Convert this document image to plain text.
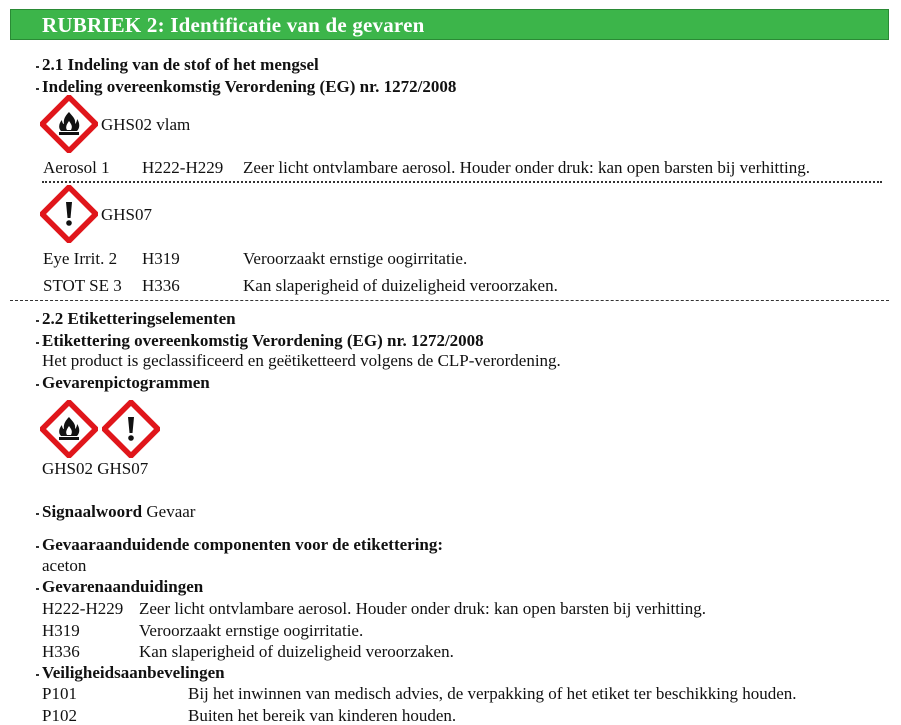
RUBRIEK 2: Identificatie van de gevaren
2.1 Indeling van de stof of het mengsel
Indeling overeenkomstig Verordening (EG) nr. 1272/2008
GHS02 vlam
Aerosol 1 H222-H229 Zeer licht ontvlambare aerosol. Houder onder druk: kan open barsten bij verhitting.
GHS07
Eye Irrit. 2 H319	Veroorzaakt ernstige oogirritatie.
STOT SE 3 H336	Kan slaperigheid of duizeligheid veroorzaken.
2.2 Etiketteringselementen
Etikettering overeenkomstig Verordening (EG) nr. 1272/2008
Het product is geclassificeerd en geëtiketteerd volgens de CLP-verordening.
Gevarenpictogrammen
GHS02 GHS07
Signaalwoord Gevaar
Gevaaraanduidende componenten voor de etikettering:
aceton
Gevarenaanduidingen
H222-H229 Zeer licht ontvlambare aerosol. Houder onder druk: kan open barsten bij verhitting.
H319	Veroorzaakt ernstige oogirritatie.
H336	Kan slaperigheid of duizeligheid veroorzaken.
Veiligheidsaanbevelingen
P101	Bij het inwinnen van medisch advies, de verpakking of het etiket ter beschikking houden.
P102	Buiten het bereik van kinderen houden.
